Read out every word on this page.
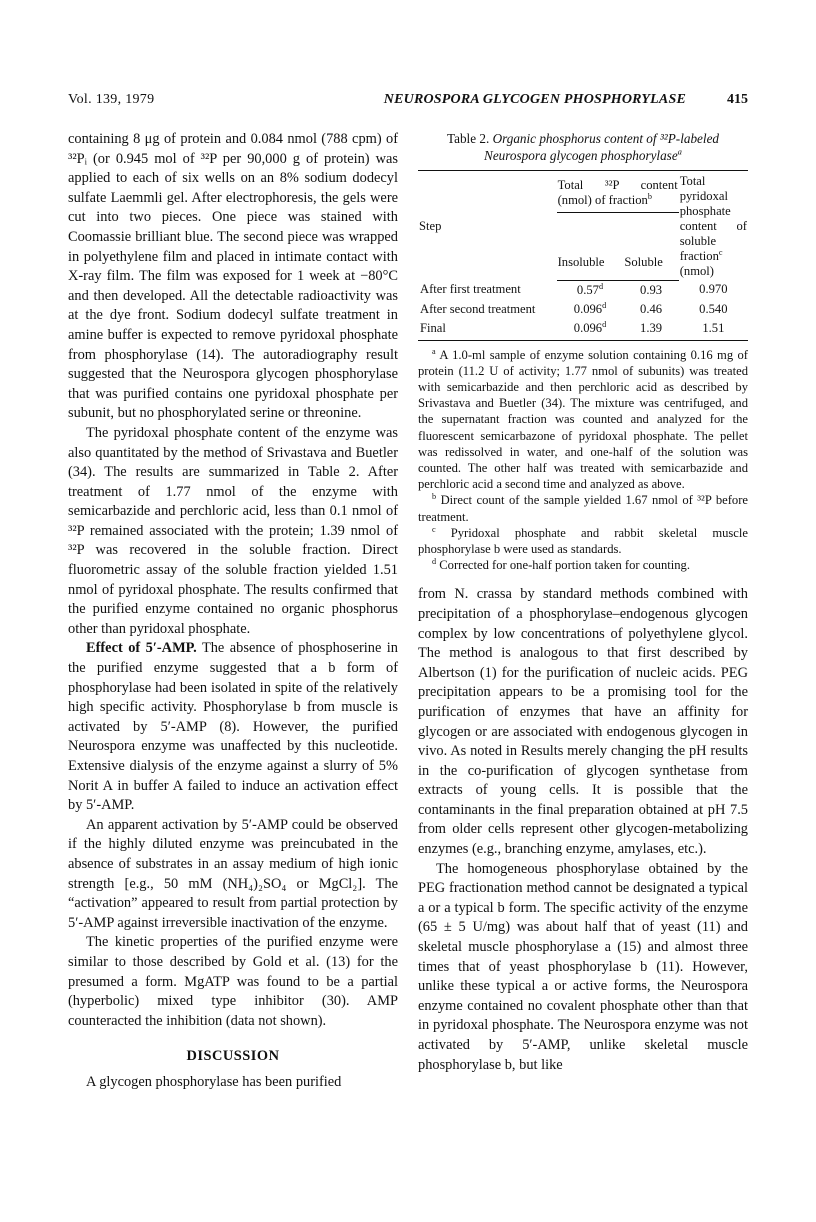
Vol. 139, 1979	NEUROSPORA GLYCOGEN PHOSPHORYLASE	415

containing 8 μg of protein and 0.084 nmol (788 cpm) of ³²Pᵢ (or 0.945 mol of ³²P per 90,000 g of protein) was applied to each of six wells on an 8% sodium dodecyl sulfate Laemmli gel. After electrophoresis, the gels were cut into two pieces. One piece was stained with Coomassie brilliant blue. The second piece was wrapped in polyethylene film and placed in intimate contact with X-ray film. The film was exposed for 1 week at −80°C and then developed. All the detectable radioactivity was at the dye front. Sodium dodecyl sulfate treatment in amine buffer is expected to remove pyridoxal phosphate from phosphorylase (14). The autoradiography result suggested that the Neurospora glycogen phosphorylase that was purified contains one pyridoxal phosphate per subunit, but no phosphorylated serine or threonine.

The pyridoxal phosphate content of the enzyme was also quantitated by the method of Srivastava and Buetler (34). The results are summarized in Table 2. After treatment of 1.77 nmol of the enzyme with semicarbazide and perchloric acid, less than 0.1 nmol of ³²P remained associated with the protein; 1.39 nmol of ³²P was recovered in the soluble fraction. Direct fluorometric assay of the soluble fraction yielded 1.51 nmol of pyridoxal phosphate. The results confirmed that the purified enzyme contained no organic phosphorus other than pyridoxal phosphate.

Effect of 5′-AMP. The absence of phosphoserine in the purified enzyme suggested that a b form of phosphorylase had been isolated in spite of the relatively high specific activity. Phosphorylase b from muscle is activated by 5′-AMP (8). However, the purified Neurospora enzyme was unaffected by this nucleotide. Extensive dialysis of the enzyme against a slurry of 5% Norit A in buffer A failed to induce an activation effect by 5′-AMP.

An apparent activation by 5′-AMP could be observed if the highly diluted enzyme was preincubated in the absence of substrates in an assay medium of high ionic strength [e.g., 50 mM (NH₄)₂SO₄ or MgCl₂]. The “activation” appeared to result from partial protection by 5′-AMP against irreversible inactivation of the enzyme.

The kinetic properties of the purified enzyme were similar to those described by Gold et al. (13) for the presumed a form. MgATP was found to be a partial (hyperbolic) mixed type inhibitor (30). AMP counteracted the inhibition (data not shown).

DISCUSSION

A glycogen phosphorylase has been purified

Table 2. Organic phosphorus content of ³²P-labeled Neurospora glycogen phosphorylase$^a$
Step	Total ³²P content (nmol) of fraction$^b$		Total pyridoxal phosphate content of soluble fraction$^c$
(nmol)
	Insoluble	Soluble	
After first treatment	0.57$^d$	0.93	0.970
After second treatment	0.096$^d$	0.46	0.540
Final	0.096$^d$	1.39	1.51

$^a$ A 1.0-ml sample of enzyme solution containing 0.16 mg of protein (11.2 U of activity; 1.77 nmol of subunits) was treated with semicarbazide and then perchloric acid as described by Srivastava and Buetler (34). The mixture was centrifuged, and the supernatant fraction was counted and analyzed for the fluorescent semicarbazone of pyridoxal phosphate. The pellet was redissolved in water, and one-half of the solution was counted. The other half was treated with semicarbazide and perchloric acid a second time and analyzed as above.

$^b$ Direct count of the sample yielded 1.67 nmol of ³²P before treatment.

$^c$ Pyridoxal phosphate and rabbit skeletal muscle phosphorylase b were used as standards.

$^d$ Corrected for one-half portion taken for counting.

from N. crassa by standard methods combined with precipitation of a phosphorylase–endogenous glycogen complex by low concentrations of polyethylene glycol. The method is analogous to that first described by Albertson (1) for the purification of nucleic acids. PEG precipitation appears to be a promising tool for the purification of enzymes that have an affinity for glycogen or are associated with endogenous glycogen in vivo. As noted in Results merely changing the pH results in the co-purification of glycogen synthetase from extracts of young cells. It is possible that the contaminants in the final preparation obtained at pH 7.5 from older cells represent other glycogen-metabolizing enzymes (e.g., branching enzyme, amylases, etc.).

The homogeneous phosphorylase obtained by the PEG fractionation method cannot be designated a typical a or a typical b form. The specific activity of the enzyme (65 ± 5 U/mg) was about half that of yeast (11) and skeletal muscle phosphorylase a (15) and almost three times that of yeast phosphorylase b (11). However, unlike these typical a or active forms, the Neurospora enzyme contained no covalent phosphate other than that in pyridoxal phosphate. The Neurospora enzyme was not activated by 5′-AMP, unlike skeletal muscle phosphorylase b, but like
